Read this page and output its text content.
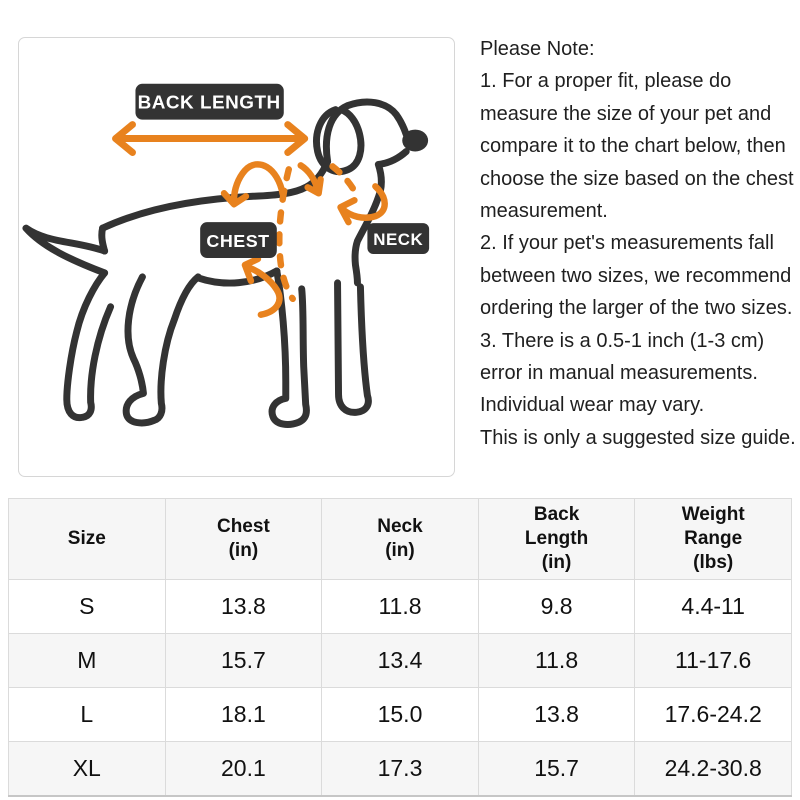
BACK LENGTH
CHEST	NECK
Please Note:
1. For a proper fit, please do
measure the size of your pet and
compare it to the chart below, then
choose the size based on the chest
measurement.
2. If your pet's measurements fall
between two sizes, we recommend
ordering the larger of the two sizes.
3. There is a 0.5-1 inch (1-3 cm)
error in manual measurements.
Individual wear may vary.
This is only a suggested size guide.
Size

Chest
(in)

Neck
(in)

Back
Length
(in)

Weight
Range
(lbs)

S	13.8	11.8	9.8	4.4-11
M	15.7	13.4	11.8	11-17.6
L	18.1	15.0	13.8	17.6-24.2
XL	20.1	17.3	15.7	24.2-30.8
